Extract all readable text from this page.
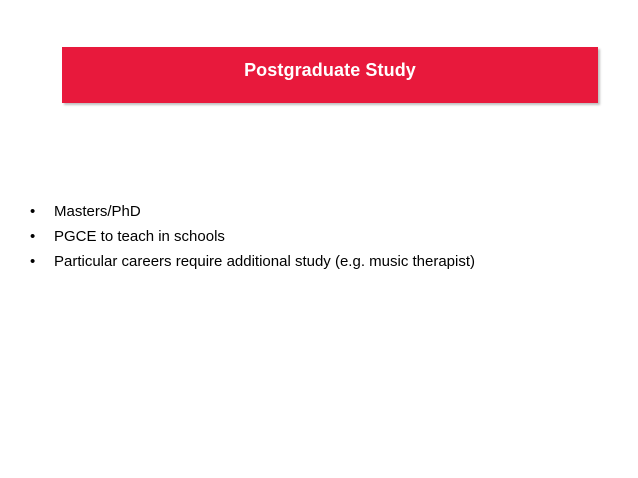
Postgraduate Study
•	Masters/PhD
•	PGCE to teach in schools
•	Particular careers require additional study (e.g. music therapist)
